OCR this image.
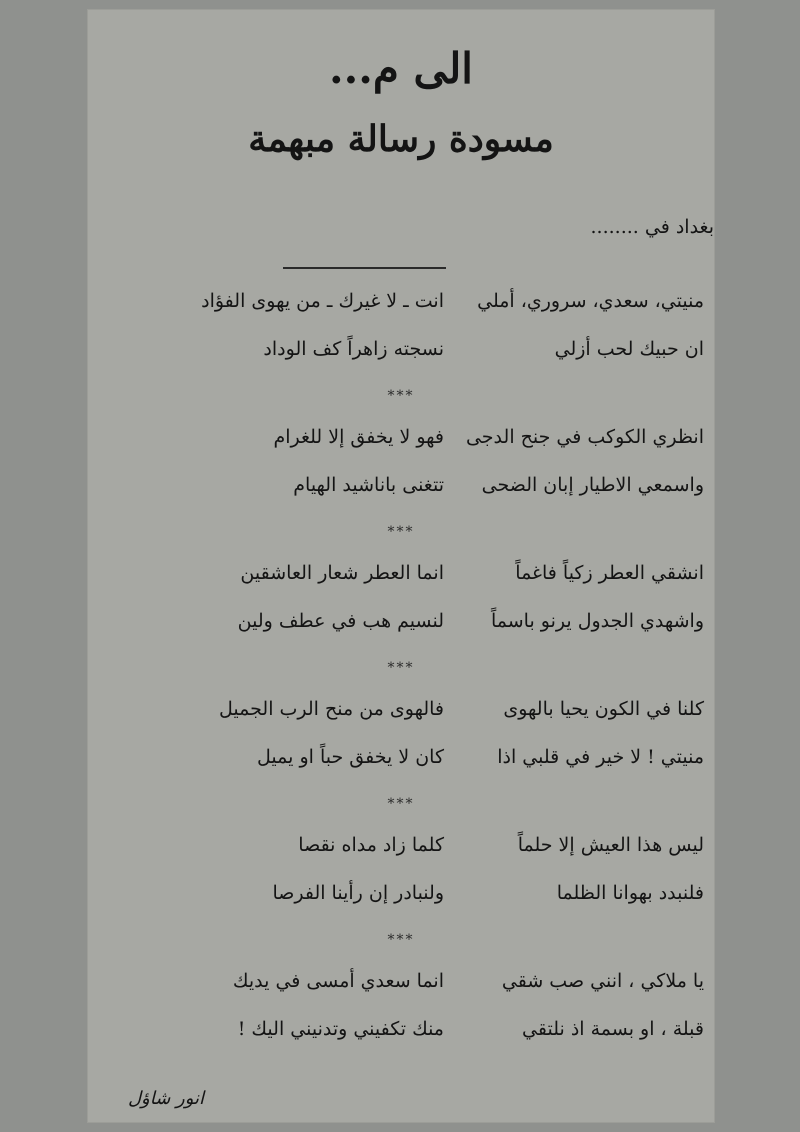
الى م...
مسودة رسالة مبهمة
بغداد في ........
منيتي، سعدي، سروري، أملي
انت ـ لا غيرك ـ من يهوى الفؤاد
ان حبيك لحب أزلي
نسجته زاهراً كف الوداد
***
انظري الكوكب في جنح الدجى
فهو لا يخفق إلا للغرام
واسمعي الاطيار إبان الضحى
تتغنى باناشيد الهيام
***
انشقي العطر زكياً فاغماً
انما العطر شعار العاشقين
واشهدي الجدول يرنو باسماً
لنسيم هب في عطف ولين
***
كلنا في الكون يحيا بالهوى
فالهوى من منح الرب الجميل
منيتي ! لا خير في قلبي اذا
كان لا يخفق حباً او يميل
***
ليس هذا العيش إلا حلماً
كلما زاد مداه نقصا
فلنبدد بهوانا الظلما
ولنبادر إن رأينا الفرصا
***
يا ملاكي ، انني صب شقي
انما سعدي أمسى في يديك
قبلة ، او بسمة اذ نلتقي
منك تكفيني وتدنيني اليك !
انور شاؤل
